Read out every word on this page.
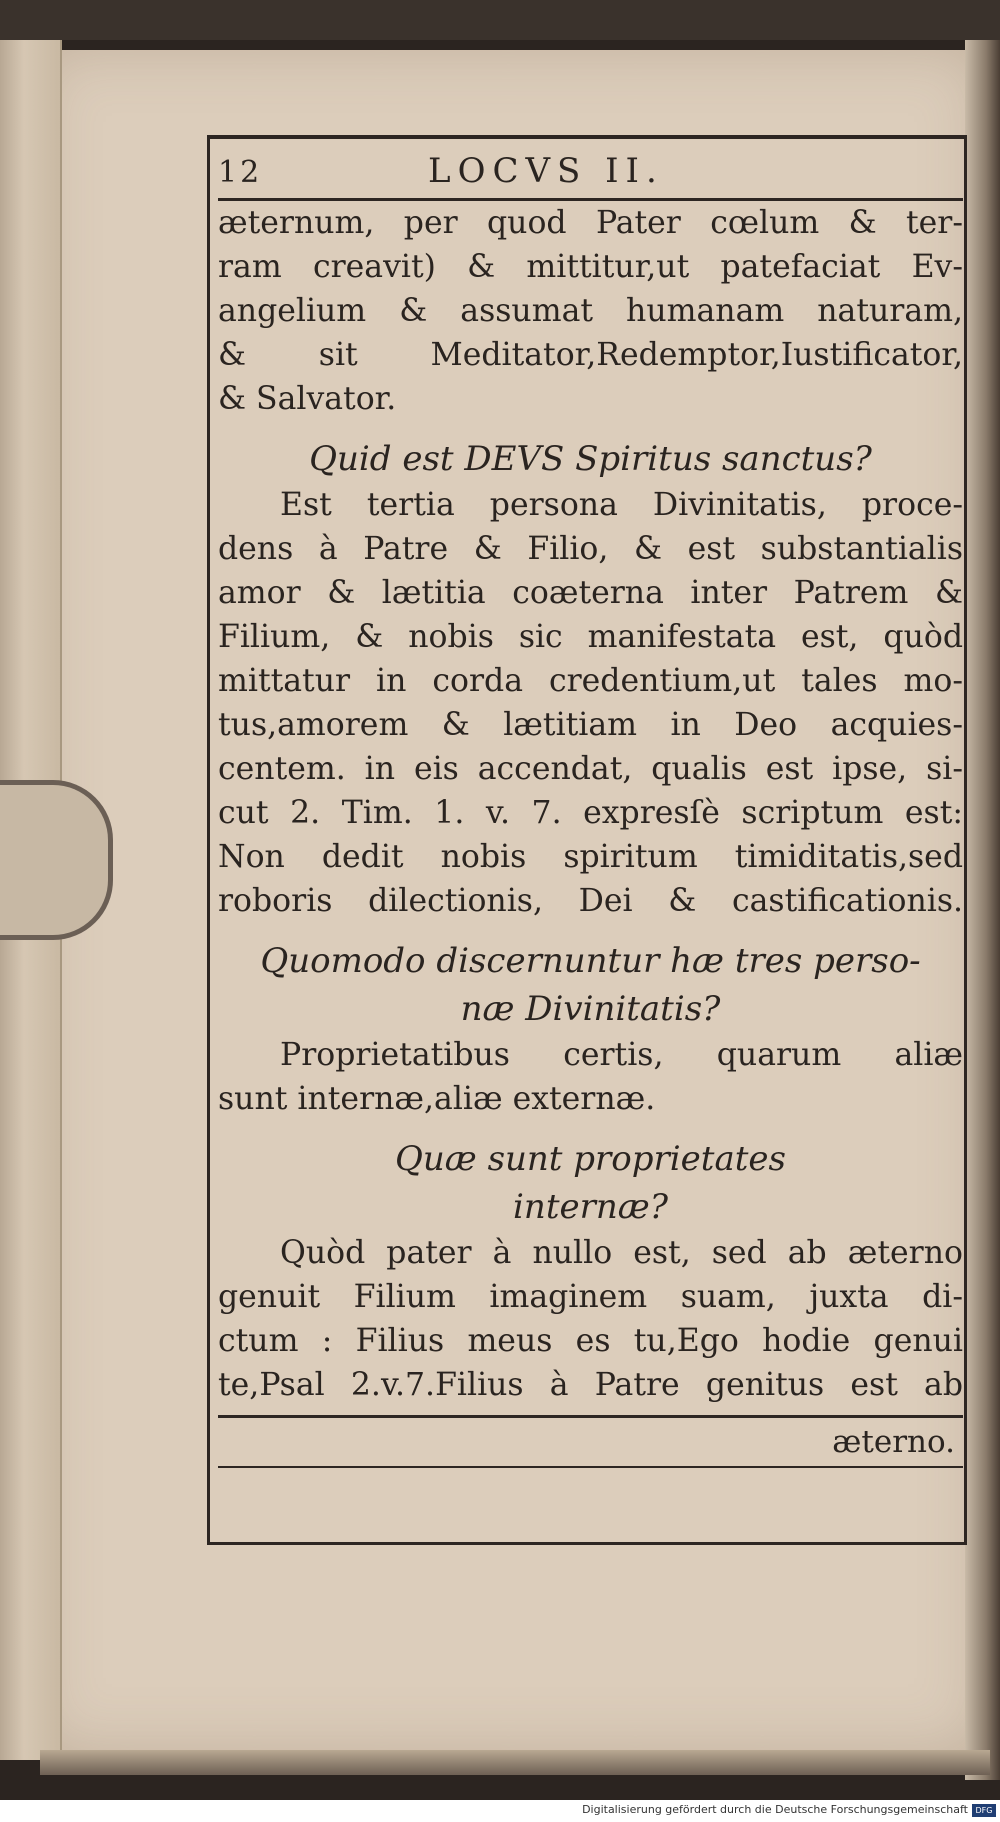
12	LOCVS II.
æternum, per quod Pater cœlum & ter-
ram creavit) & mittitur,ut patefaciat Ev-
angelium & assumat humanam naturam,
& sit Meditator,Redemptor,Iustificator,
& Salvator.
Quid est DEVS Spiritus sanctus?
Est tertia persona Divinitatis, proce-
dens à Patre & Filio, & est substantialis
amor & lætitia coæterna inter Patrem &
Filium, & nobis sic manifestata est, quòd
mittatur in corda credentium,ut tales mo-
tus,amorem & lætitiam in Deo acquies-
centem. in eis accendat, qualis est ipse, si-
cut 2. Tim. 1. v. 7. expresſè scriptum est:
Non dedit nobis spiritum timiditatis,sed
roboris dilectionis, Dei & castificationis.
Quomodo discernuntur hæ tres perso-
næ Divinitatis?
Proprietatibus certis, quarum aliæ
sunt internæ,aliæ externæ.
Quæ sunt proprietates
internæ?
Quòd pater à nullo est, sed ab æterno
genuit Filium imaginem suam, juxta di-
ctum : Filius meus es tu,Ego hodie genui
te,Psal 2.v.7.Filius à Patre genitus est ab
æterno.
Digitalisierung gefördert durch die Deutsche Forschungsgemeinschaft DFG
